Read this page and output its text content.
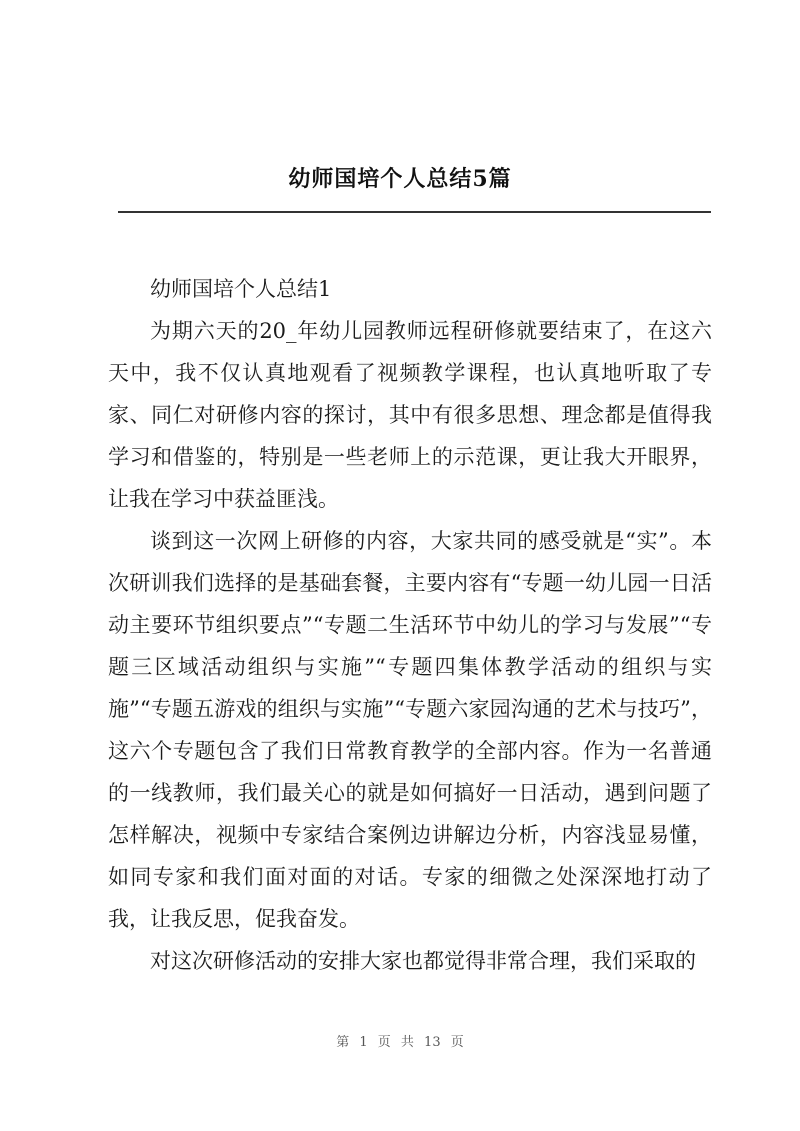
幼师国培个人总结5篇

幼师国培个人总结1

为期六天的20_年幼儿园教师远程研修就要结束了，在这六天中，我不仅认真地观看了视频教学课程，也认真地听取了专家、同仁对研修内容的探讨，其中有很多思想、理念都是值得我学习和借鉴的，特别是一些老师上的示范课，更让我大开眼界，让我在学习中获益匪浅。

谈到这一次网上研修的内容，大家共同的感受就是“实”。本次研训我们选择的是基础套餐，主要内容有“专题一幼儿园一日活动主要环节组织要点”“专题二生活环节中幼儿的学习与发展”“专题三区域活动组织与实施”“专题四集体教学活动的组织与实施”“专题五游戏的组织与实施”“专题六家园沟通的艺术与技巧”，这六个专题包含了我们日常教育教学的全部内容。作为一名普通的一线教师，我们最关心的就是如何搞好一日活动，遇到问题了怎样解决，视频中专家结合案例边讲解边分析，内容浅显易懂，如同专家和我们面对面的对话。专家的细微之处深深地打动了我，让我反思，促我奋发。

对这次研修活动的安排大家也都觉得非常合理，我们采取的

第 1 页 共 13 页
